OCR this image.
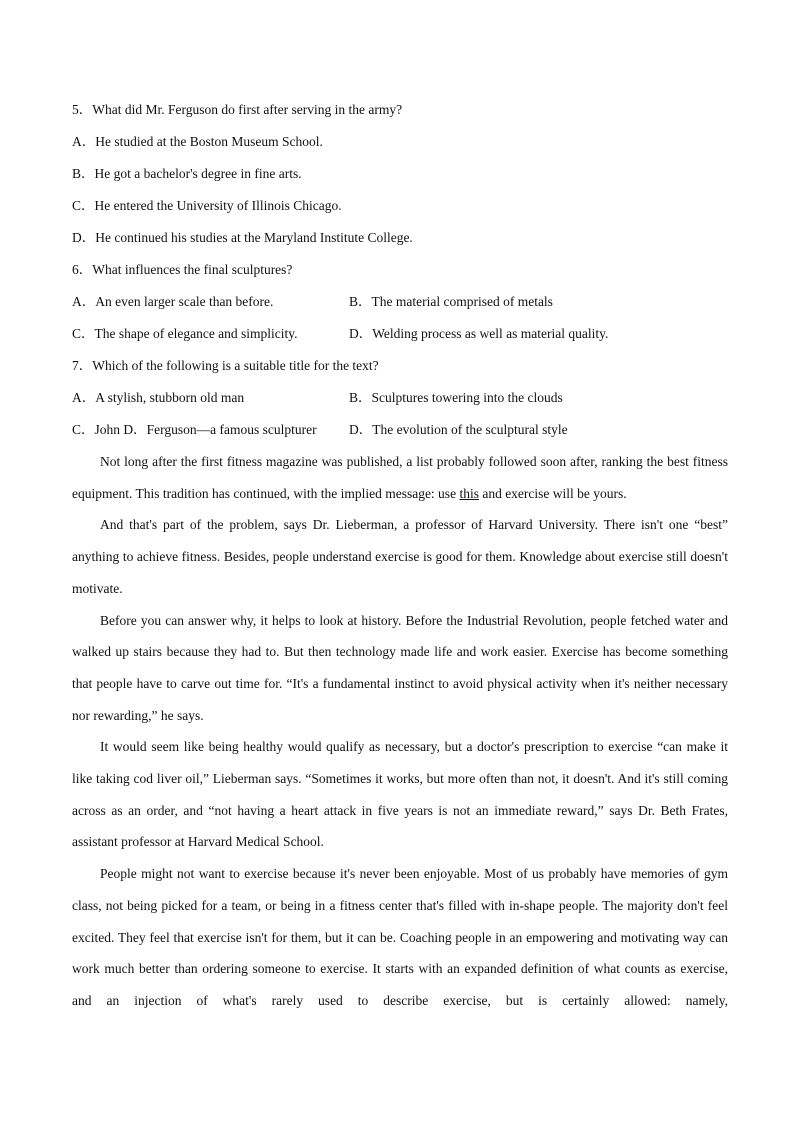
5．What did Mr. Ferguson do first after serving in the army?
A．He studied at the Boston Museum School.
B．He got a bachelor's degree in fine arts.
C．He entered the University of Illinois Chicago.
D．He continued his studies at the Maryland Institute College.
6．What influences the final sculptures?
A．An even larger scale than before.	B．The material comprised of metals
C．The shape of elegance and simplicity.	D．Welding process as well as material quality.
7．Which of the following is a suitable title for the text?
A．A stylish, stubborn old man	B．Sculptures towering into the clouds
C．John D．Ferguson—a famous sculpturer	D．The evolution of the sculptural style

Not long after the first fitness magazine was published, a list probably followed soon after, ranking the best fitness equipment. This tradition has continued, with the implied message: use this and exercise will be yours.

And that's part of the problem, says Dr. Lieberman, a professor of Harvard University. There isn't one “best” anything to achieve fitness. Besides, people understand exercise is good for them. Knowledge about exercise still doesn't motivate.

Before you can answer why, it helps to look at history. Before the Industrial Revolution, people fetched water and walked up stairs because they had to. But then technology made life and work easier. Exercise has become something that people have to carve out time for. “It's a fundamental instinct to avoid physical activity when it's neither necessary nor rewarding,” he says.

It would seem like being healthy would qualify as necessary, but a doctor's prescription to exercise “can make it like taking cod liver oil,” Lieberman says. “Sometimes it works, but more often than not, it doesn't. And it's still coming across as an order, and “not having a heart attack in five years is not an immediate reward,” says Dr. Beth Frates, assistant professor at Harvard Medical School.

People might not want to exercise because it's never been enjoyable. Most of us probably have memories of gym class, not being picked for a team, or being in a fitness center that's filled with in-shape people. The majority don't feel excited. They feel that exercise isn't for them, but it can be. Coaching people in an empowering and motivating way can work much better than ordering someone to exercise. It starts with an expanded definition of what counts as exercise, and an injection of what's rarely used to describe exercise, but is certainly allowed: namely,
